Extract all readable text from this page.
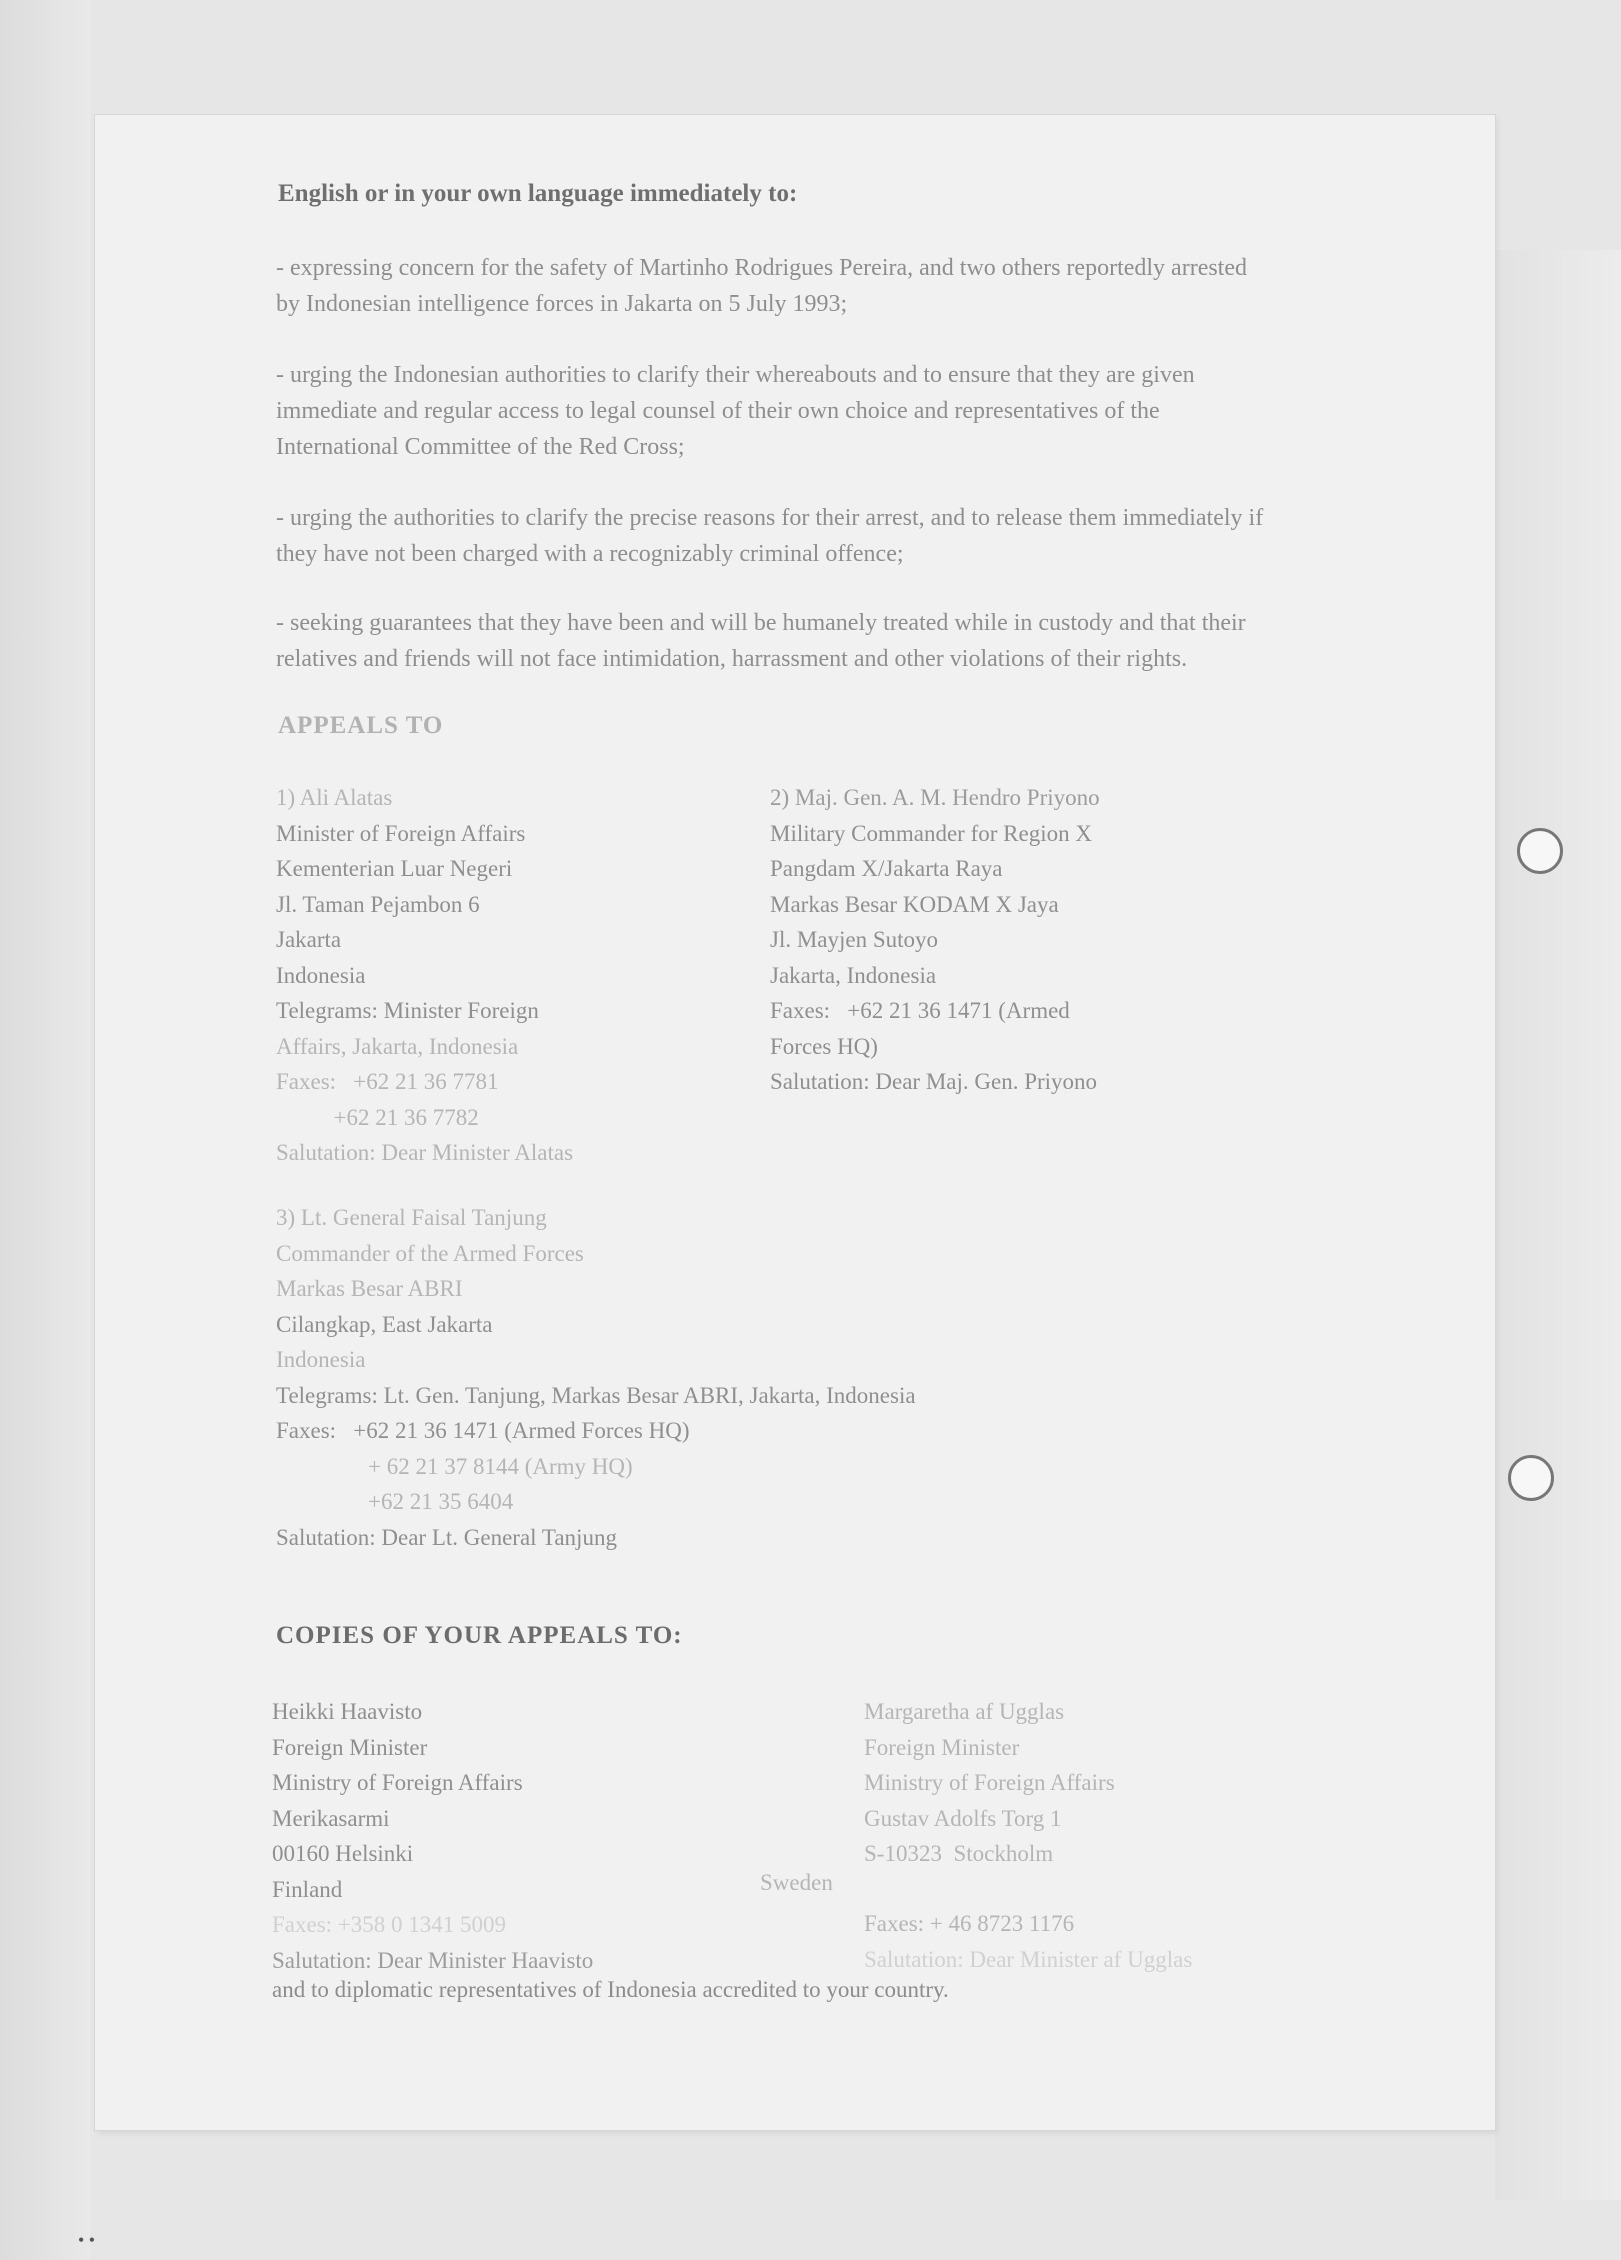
English or in your own language immediately to:
- expressing concern for the safety of Martinho Rodrigues Pereira, and two others reportedly arrested
by Indonesian intelligence forces in Jakarta on 5 July 1993;
- urging the Indonesian authorities to clarify their whereabouts and to ensure that they are given
immediate and regular access to legal counsel of their own choice and representatives of the
International Committee of the Red Cross;
- urging the authorities to clarify the precise reasons for their arrest, and to release them immediately if
they have not been charged with a recognizably criminal offence;
- seeking guarantees that they have been and will be humanely treated while in custody and that their
relatives and friends will not face intimidation, harrassment and other violations of their rights.
APPEALS TO
1) Ali Alatas
Minister of Foreign Affairs
Kementerian Luar Negeri
Jl. Taman Pejambon 6
Jakarta
Indonesia
Telegrams: Minister Foreign
Affairs, Jakarta, Indonesia
Faxes:   +62 21 36 7781
+62 21 36 7782
Salutation: Dear Minister Alatas
2) Maj. Gen. A. M. Hendro Priyono
Military Commander for Region X
Pangdam X/Jakarta Raya
Markas Besar KODAM X Jaya
Jl. Mayjen Sutoyo
Jakarta, Indonesia
Faxes:   +62 21 36 1471 (Armed
Forces HQ)
Salutation: Dear Maj. Gen. Priyono
3) Lt. General Faisal Tanjung
Commander of the Armed Forces
Markas Besar ABRI
Cilangkap, East Jakarta
Indonesia
Telegrams: Lt. Gen. Tanjung, Markas Besar ABRI, Jakarta, Indonesia
Faxes:   +62 21 36 1471 (Armed Forces HQ)
+ 62 21 37 8144 (Army HQ)
+62 21 35 6404
Salutation: Dear Lt. General Tanjung
COPIES OF YOUR APPEALS TO:
Heikki Haavisto
Foreign Minister
Ministry of Foreign Affairs
Merikasarmi
00160 Helsinki
Finland
Faxes: +358 0 1341 5009
Salutation: Dear Minister Haavisto
Margaretha af Ugglas
Foreign Minister
Ministry of Foreign Affairs
Gustav Adolfs Torg 1
S-10323  Stockholm
Sweden
Faxes: + 46 8723 1176
Salutation: Dear Minister af Ugglas
and to diplomatic representatives of Indonesia accredited to your country.
• •
